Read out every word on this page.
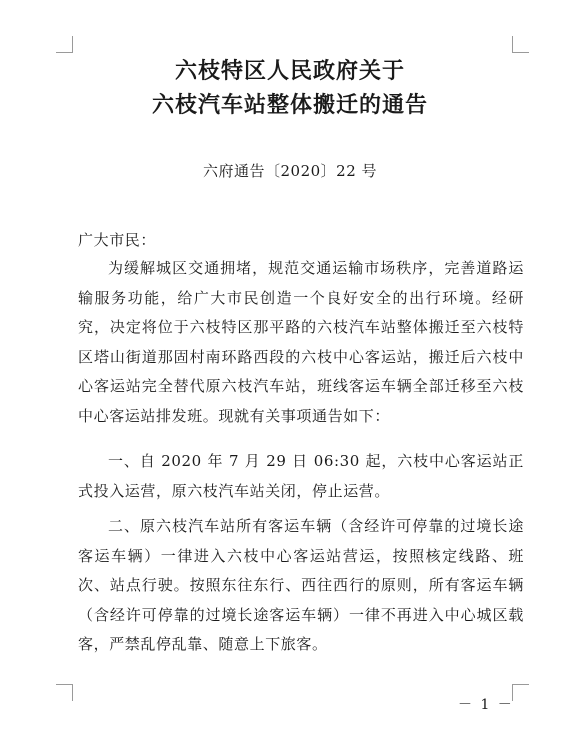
六枝特区人民政府关于
六枝汽车站整体搬迁的通告
六府通告〔2020〕22 号
广大市民：
为缓解城区交通拥堵，规范交通运输市场秩序，完善道路运输服务功能，给广大市民创造一个良好安全的出行环境。经研究，决定将位于六枝特区那平路的六枝汽车站整体搬迁至六枝特区塔山街道那固村南环路西段的六枝中心客运站，搬迁后六枝中心客运站完全替代原六枝汽车站，班线客运车辆全部迁移至六枝中心客运站排发班。现就有关事项通告如下：
一、自 2020 年 7 月 29 日 06:30 起，六枝中心客运站正式投入运营，原六枝汽车站关闭，停止运营。
二、原六枝汽车站所有客运车辆（含经许可停靠的过境长途客运车辆）一律进入六枝中心客运站营运，按照核定线路、班次、站点行驶。按照东往东行、西往西行的原则，所有客运车辆（含经许可停靠的过境长途客运车辆）一律不再进入中心城区载客，严禁乱停乱靠、随意上下旅客。
－ 1 －
